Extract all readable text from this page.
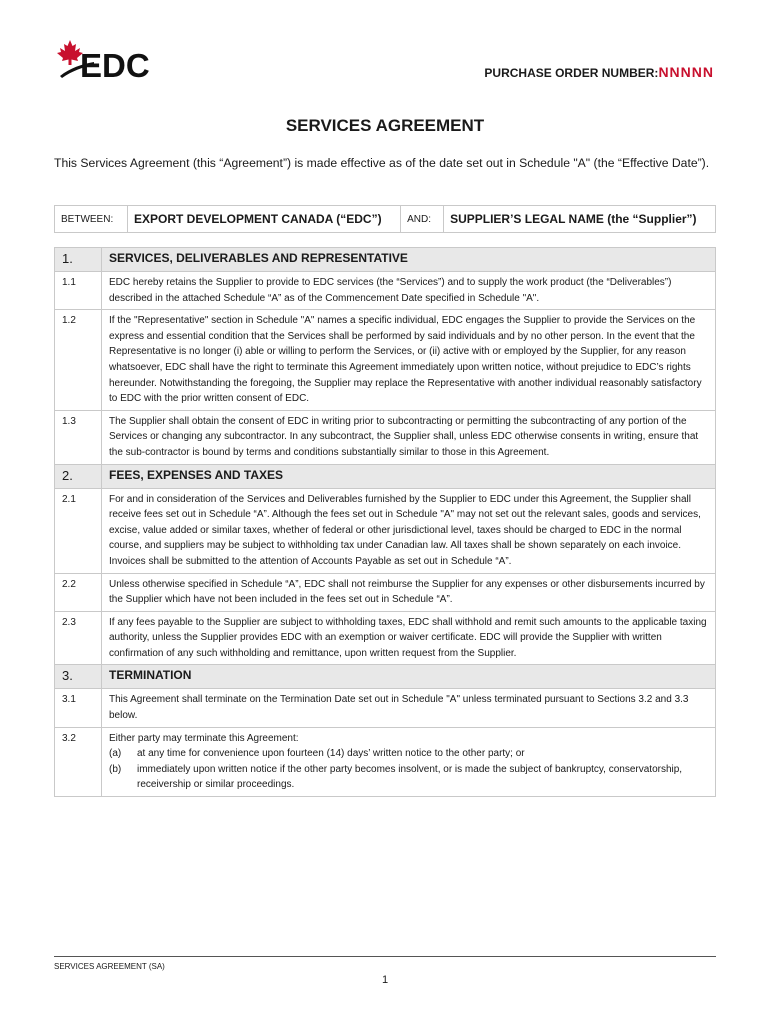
EDC	PURCHASE ORDER NUMBER:NNNNN
SERVICES AGREEMENT
This Services Agreement (this “Agreement”) is made effective as of the date set out in Schedule "A" (the “Effective Date”).
BETWEEN:	EXPORT DEVELOPMENT CANADA (“EDC”)	AND:	SUPPLIER’S LEGAL NAME (the “Supplier”)
1.	SERVICES, DELIVERABLES AND REPRESENTATIVE
1.1	EDC hereby retains the Supplier to provide to EDC services (the “Services”) and to supply the work product (the “Deliverables”) described in the attached Schedule “A” as of the Commencement Date specified in Schedule "A".
1.2	If the "Representative" section in Schedule "A" names a specific individual, EDC engages the Supplier to provide the Services on the express and essential condition that the Services shall be performed by said individuals and by no other person. In the event that the Representative is no longer (i) able or willing to perform the Services, or (ii) active with or employed by the Supplier, for any reason whatsoever, EDC shall have the right to terminate this Agreement immediately upon written notice, without prejudice to EDC’s rights hereunder. Notwithstanding the foregoing, the Supplier may replace the Representative with another individual reasonably satisfactory to EDC with the prior written consent of EDC.
1.3	The Supplier shall obtain the consent of EDC in writing prior to subcontracting or permitting the subcontracting of any portion of the Services or changing any subcontractor. In any subcontract, the Supplier shall, unless EDC otherwise consents in writing, ensure that the sub-contractor is bound by terms and conditions substantially similar to those in this Agreement.
2.	FEES, EXPENSES AND TAXES
2.1	For and in consideration of the Services and Deliverables furnished by the Supplier to EDC under this Agreement, the Supplier shall receive fees set out in Schedule “A”. Although the fees set out in Schedule "A" may not set out the relevant sales, goods and services, excise, value added or similar taxes, whether of federal or other jurisdictional level, taxes should be charged to EDC in the normal course, and suppliers may be subject to withholding tax under Canadian law. All taxes shall be shown separately on each invoice. Invoices shall be submitted to the attention of Accounts Payable as set out in Schedule “A”.
2.2	Unless otherwise specified in Schedule “A”, EDC shall not reimburse the Supplier for any expenses or other disbursements incurred by the Supplier which have not been included in the fees set out in Schedule “A”.
2.3	If any fees payable to the Supplier are subject to withholding taxes, EDC shall withhold and remit such amounts to the applicable taxing authority, unless the Supplier provides EDC with an exemption or waiver certificate. EDC will provide the Supplier with written confirmation of any such withholding and remittance, upon written request from the Supplier.
3.	TERMINATION
3.1	This Agreement shall terminate on the Termination Date set out in Schedule "A" unless terminated pursuant to Sections 3.2 and 3.3 below.
3.2	Either party may terminate this Agreement:
(a) at any time for convenience upon fourteen (14) days’ written notice to the other party; or
(b) immediately upon written notice if the other party becomes insolvent, or is made the subject of bankruptcy, conservatorship, receivership or similar proceedings.
SERVICES AGREEMENT (SA)
1
